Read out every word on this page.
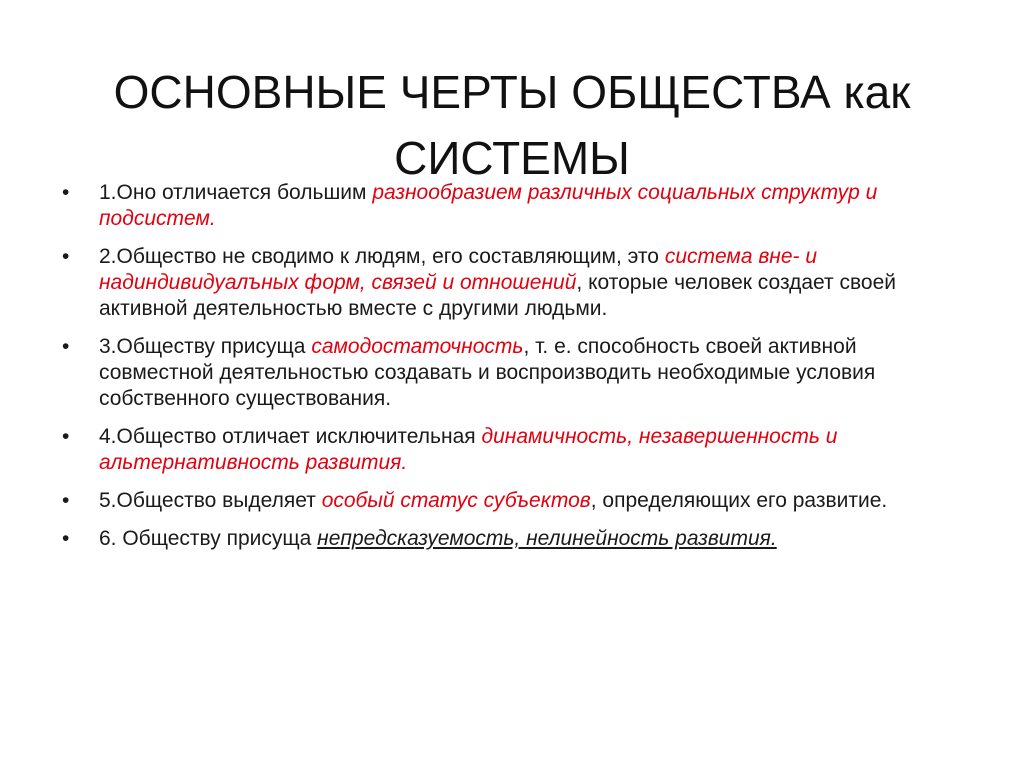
ОСНОВНЫЕ ЧЕРТЫ ОБЩЕСТВА как СИСТЕМЫ
• 1.Оно отличается большим разнообразием различных социальных структур и подсистем.
• 2.Общество не сводимо к людям, его составляющим, это система вне- и надиндивидуалъных форм, связей и отношений, которые человек создает своей активной деятельностью вместе с другими людьми.
• 3.Обществу присуща самодостаточность, т. е. способность своей активной совместной деятельностью создавать и воспроизводить необходимые условия собственного существования.
• 4.Общество отличает исключительная динамичность, незавершенность и альтернативность развития.
• 5.Общество выделяет особый статус субъектов, определяющих его развитие.
• 6. Обществу присуща непредсказуемость, нелинейность развития.
